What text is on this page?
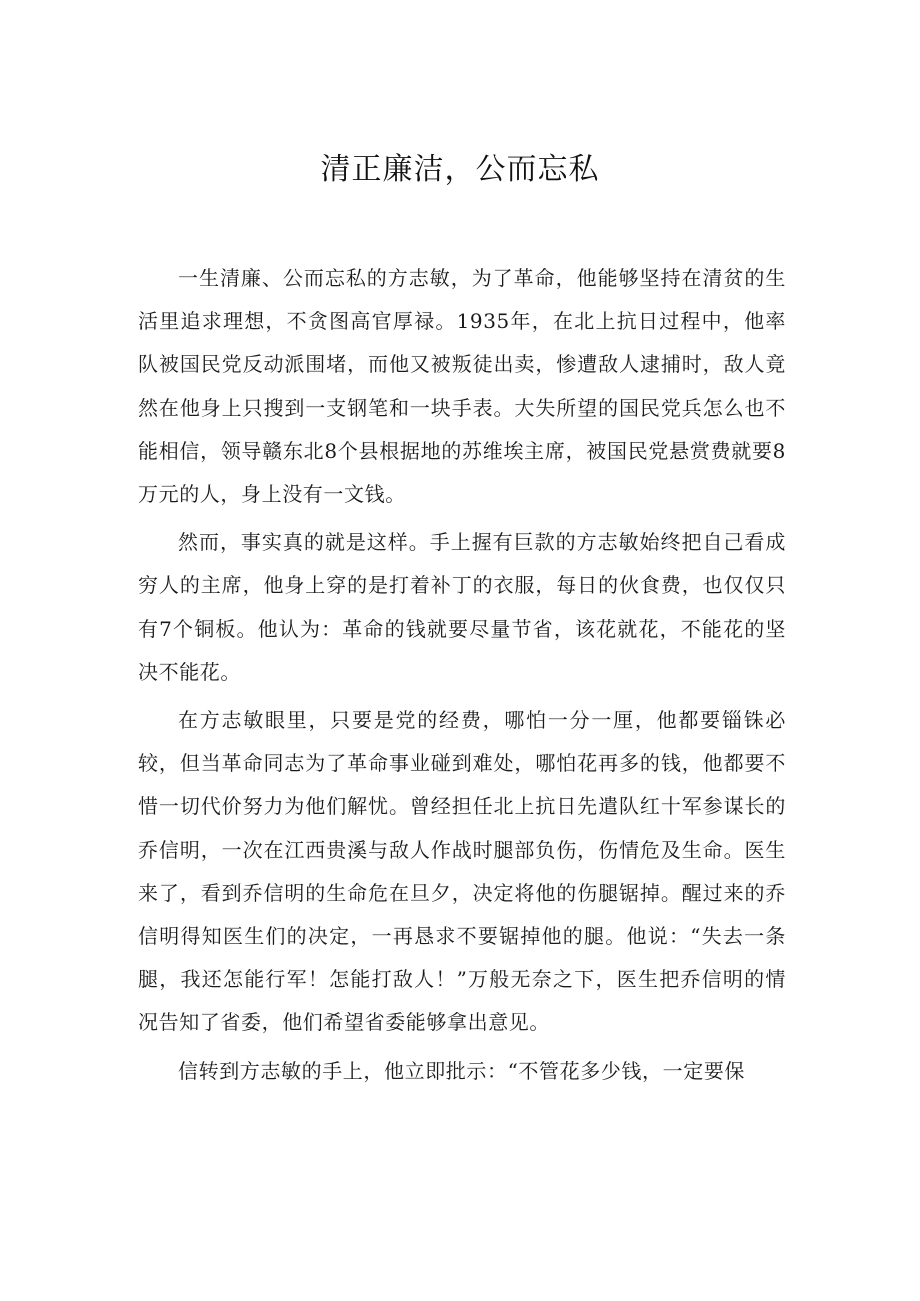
清正廉洁，公而忘私

一生清廉、公而忘私的方志敏，为了革命，他能够坚持在清贫的生活里追求理想，不贪图高官厚禄。1935年，在北上抗日过程中，他率队被国民党反动派围堵，而他又被叛徒出卖，惨遭敌人逮捕时，敌人竟然在他身上只搜到一支钢笔和一块手表。大失所望的国民党兵怎么也不能相信，领导赣东北8个县根据地的苏维埃主席，被国民党悬赏费就要8万元的人，身上没有一文钱。

然而，事实真的就是这样。手上握有巨款的方志敏始终把自己看成穷人的主席，他身上穿的是打着补丁的衣服，每日的伙食费，也仅仅只有7个铜板。他认为：革命的钱就要尽量节省，该花就花，不能花的坚决不能花。

在方志敏眼里，只要是党的经费，哪怕一分一厘，他都要锱铢必较，但当革命同志为了革命事业碰到难处，哪怕花再多的钱，他都要不惜一切代价努力为他们解忧。曾经担任北上抗日先遣队红十军参谋长的乔信明，一次在江西贵溪与敌人作战时腿部负伤，伤情危及生命。医生来了，看到乔信明的生命危在旦夕，决定将他的伤腿锯掉。醒过来的乔信明得知医生们的决定，一再恳求不要锯掉他的腿。他说：“失去一条腿，我还怎能行军！怎能打敌人！”万般无奈之下，医生把乔信明的情况告知了省委，他们希望省委能够拿出意见。

信转到方志敏的手上，他立即批示：“不管花多少钱，一定要保
